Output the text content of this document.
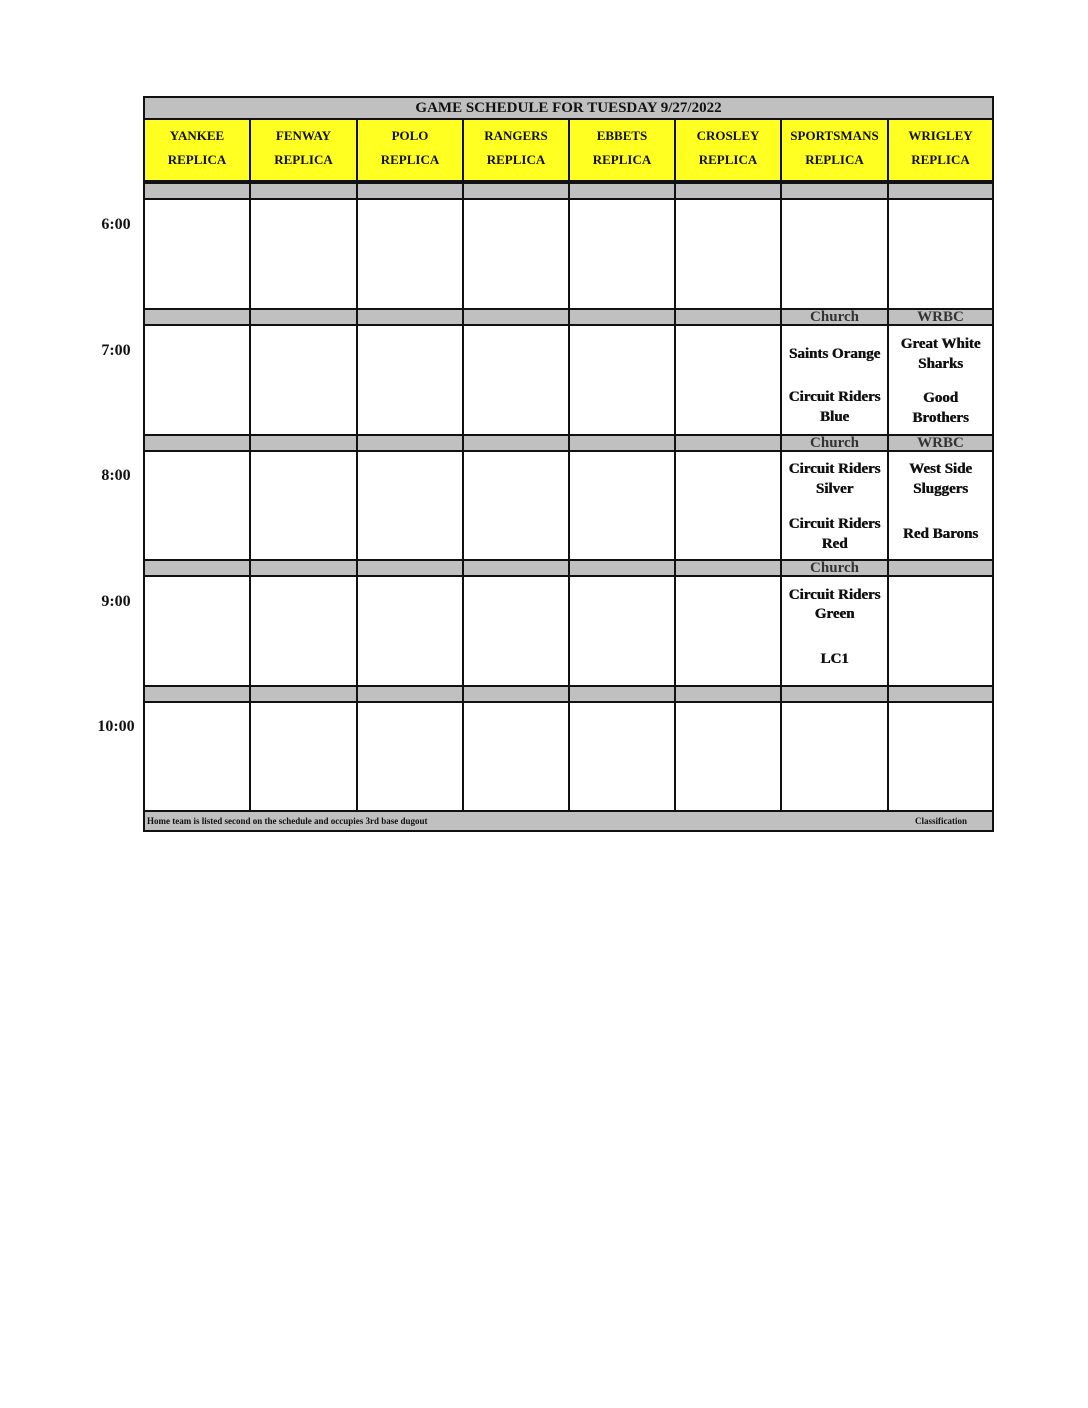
6:00
7:00
8:00
9:00
10:00
GAME SCHEDULE FOR TUESDAY 9/27/2022
YANKEE
REPLICA
FENWAY
REPLICA
POLO
REPLICA
RANGERS
REPLICA
EBBETS
REPLICA
CROSLEY
REPLICA
SPORTSMANS
REPLICA
Church
Saints Orange
Circuit Riders
Blue
Church
Circuit Riders
Silver
Circuit Riders
Red
Church
Circuit Riders
Green
LC1
WRIGLEY
REPLICA
WRBC
Great White
Sharks
Good
Brothers
WRBC
West Side
Sluggers
Red Barons
Home team is listed second on the schedule and occupies 3rd base dugout	Classification
